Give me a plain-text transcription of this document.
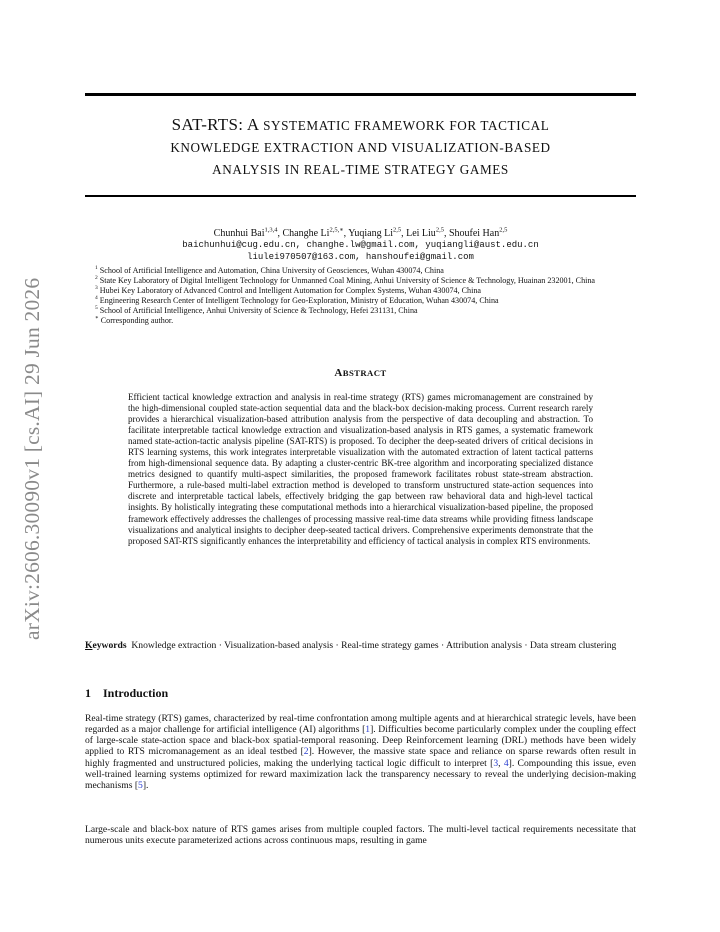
arXiv:2606.30090v1 [cs.AI] 29 Jun 2026
SAT-RTS: A SYSTEMATIC FRAMEWORK FOR TACTICAL
KNOWLEDGE EXTRACTION AND VISUALIZATION-BASED
ANALYSIS IN REAL-TIME STRATEGY GAMES
Chunhui Bai$^{1,3,4}$, Changhe $Li^{2,5,∗}$, Yuqiang Li$^{2,5}$, Lei Liu$^{2,5}$, Shoufei Han$^{2,5}$
baichunhui@cug.edu.cn, changhe.lw@gmail.com, yuqiangli@aust.edu.cn
liulei970507@163.com, hanshoufei@gmail.com
$^1$ School of Artificial Intelligence and Automation, China University of Geosciences, Wuhan 430074, China
$^2$ State Key Laboratory of Digital Intelligent Technology for Unmanned Coal Mining, Anhui University of Science & Technology, Huainan 232001, China
$^3$ Hubei Key Laboratory of Advanced Control and Intelligent Automation for Complex Systems, Wuhan 430074, China
$^4$ Engineering Research Center of Intelligent Technology for Geo-Exploration, Ministry of Education, Wuhan 430074, China
$^5$ School of Artificial Intelligence, Anhui University of Science & Technology, Hefei 231131, China
∗ Corresponding author.
ABSTRACT
Efficient tactical knowledge extraction and analysis in real-time strategy (RTS) games micromanagement are constrained by the high-dimensional coupled state-action sequential data and the black-box decision-making process. Current research rarely provides a hierarchical visualization-based attribution analysis from the perspective of data decoupling and abstraction. To facilitate interpretable tactical knowledge extraction and visualization-based analysis in RTS games, a systematic framework named state-action-tactic analysis pipeline (SAT-RTS) is proposed. To decipher the deep-seated drivers of critical decisions in RTS learning systems, this work integrates interpretable visualization with the automated extraction of latent tactical patterns from high-dimensional sequence data. By adapting a cluster-centric BK-tree algorithm and incorporating specialized distance metrics designed to quantify multi-aspect similarities, the proposed framework facilitates robust state-stream abstraction. Furthermore, a rule-based multi-label extraction method is developed to transform unstructured state-action sequences into discrete and interpretable tactical labels, effectively bridging the gap between raw behavioral data and high-level tactical insights. By holistically integrating these computational methods into a hierarchical visualization-based pipeline, the proposed framework effectively addresses the challenges of processing massive real-time data streams while providing fitness landscape visualizations and analytical insights to decipher deep-seated tactical drivers. Comprehensive experiments demonstrate that the proposed SAT-RTS significantly enhances the interpretability and efficiency of tactical analysis in complex RTS environments.
Keywords Knowledge extraction · Visualization-based analysis · Real-time strategy games · Attribution analysis · Data stream clustering
1 Introduction
Real-time strategy (RTS) games, characterized by real-time confrontation among multiple agents and at hierarchical strategic levels, have been regarded as a major challenge for artificial intelligence (AI) algorithms [1]. Difficulties become particularly complex under the coupling effect of large-scale state-action space and black-box spatial-temporal reasoning. Deep Reinforcement learning (DRL) methods have been widely applied to RTS micromanagement as an ideal testbed [2]. However, the massive state space and reliance on sparse rewards often result in highly fragmented and unstructured policies, making the underlying tactical logic difficult to interpret [3, 4]. Compounding this issue, even well-trained learning systems optimized for reward maximization lack the transparency necessary to reveal the underlying decision-making mechanisms [5].
Large-scale and black-box nature of RTS games arises from multiple coupled factors. The multi-level tactical requirements necessitate that numerous units execute parameterized actions across continuous maps, resulting in game
